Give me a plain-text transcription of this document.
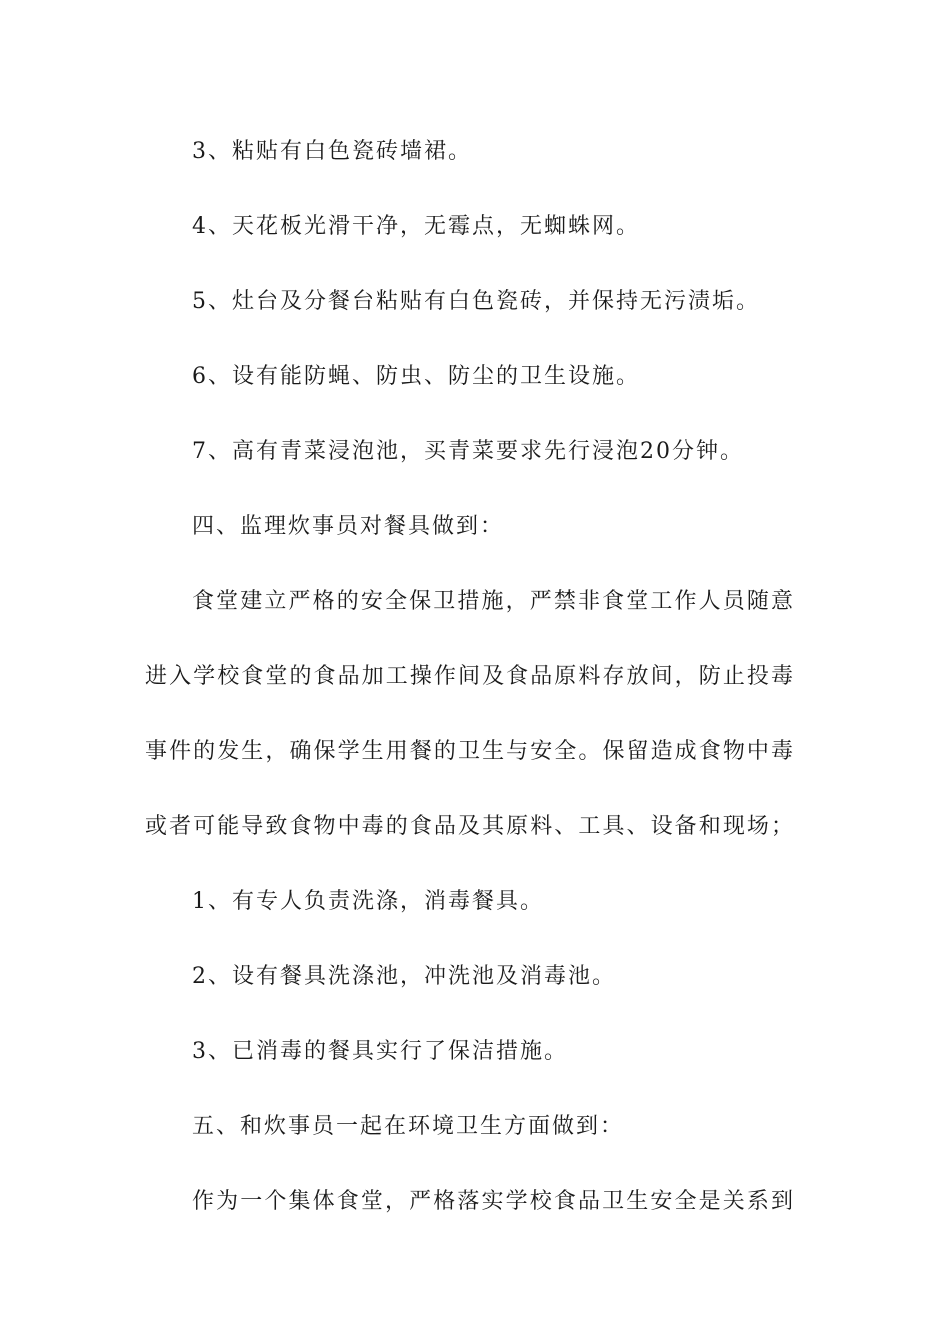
3、粘贴有白色瓷砖墙裙。
4、天花板光滑干净，无霉点，无蜘蛛网。
5、灶台及分餐台粘贴有白色瓷砖，并保持无污渍垢。
6、设有能防蝇、防虫、防尘的卫生设施。
7、高有青菜浸泡池，买青菜要求先行浸泡20分钟。
四、监理炊事员对餐具做到：
食堂建立严格的安全保卫措施，严禁非食堂工作人员随意
进入学校食堂的食品加工操作间及食品原料存放间，防止投毒
事件的发生，确保学生用餐的卫生与安全。保留造成食物中毒
或者可能导致食物中毒的食品及其原料、工具、设备和现场；
1、有专人负责洗涤，消毒餐具。
2、设有餐具洗涤池，冲洗池及消毒池。
3、已消毒的餐具实行了保洁措施。
五、和炊事员一起在环境卫生方面做到：
作为一个集体食堂，严格落实学校食品卫生安全是关系到
